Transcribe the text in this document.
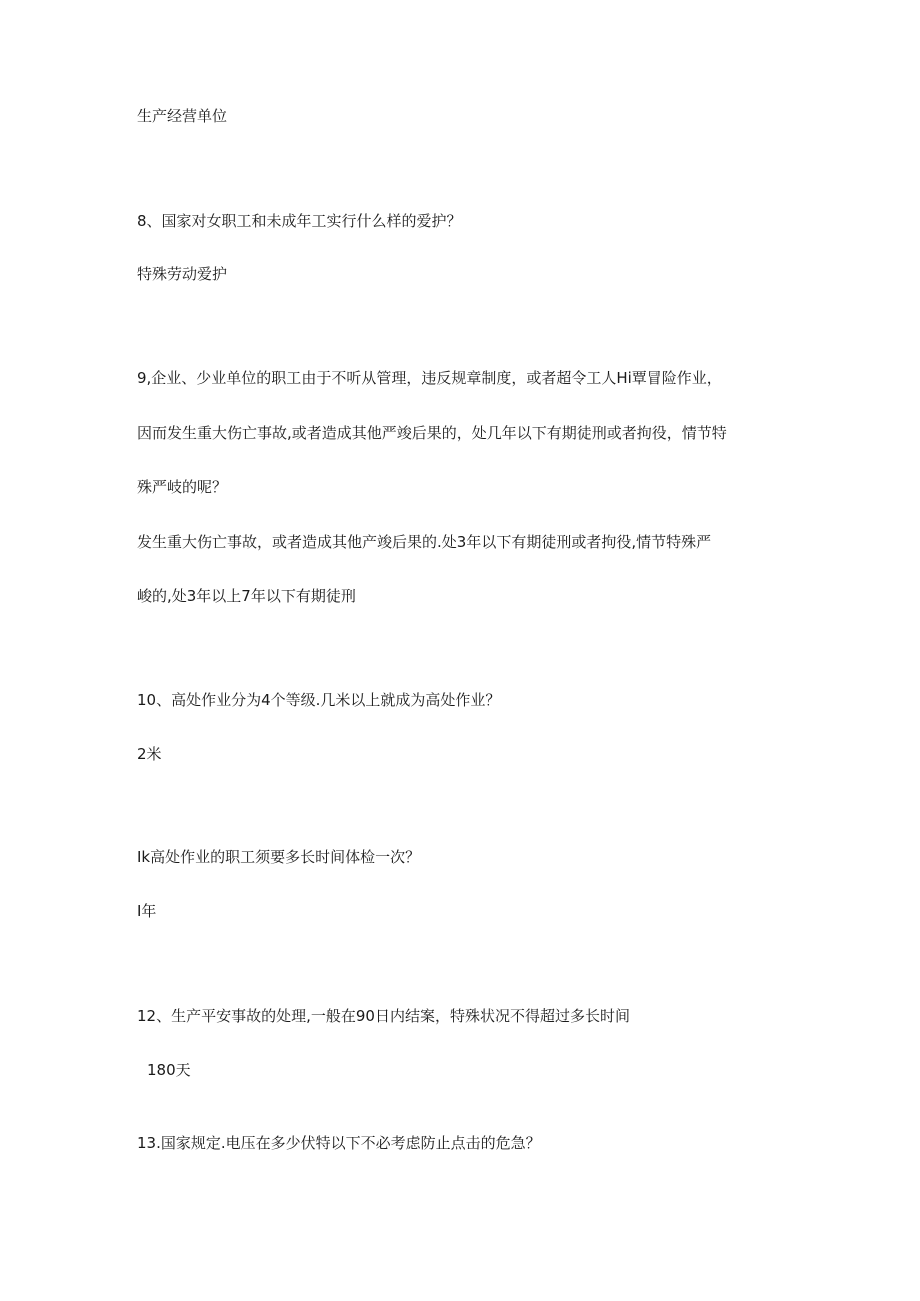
生产经营单位
8、国家对女职工和未成年工实行什么样的爱护？
特殊劳动爱护
9,企业、少业单位的职工由于不听从管理，违反规章制度，或者超令工人Hi覃冒险作业，
因而发生重大伤亡事故,或者造成其他严竣后果的，处几年以下有期徒刑或者拘役，情节特
殊严岐的呢？
发生重大伤亡事故，或者造成其他产竣后果的.处3年以下有期徒刑或者拘役,情节特殊严
峻的,处3年以上7年以下有期徒刑
10、高处作业分为4个等级.几米以上就成为高处作业？
2米
Ik高处作业的职工须要多长时间体检一次？
I年
12、生产平安事故的处理,一般在90日内结案，特殊状况不得超过多长时间
180天
13.国家规定.电压在多少伏特以下不必考虑防止点击的危急？
